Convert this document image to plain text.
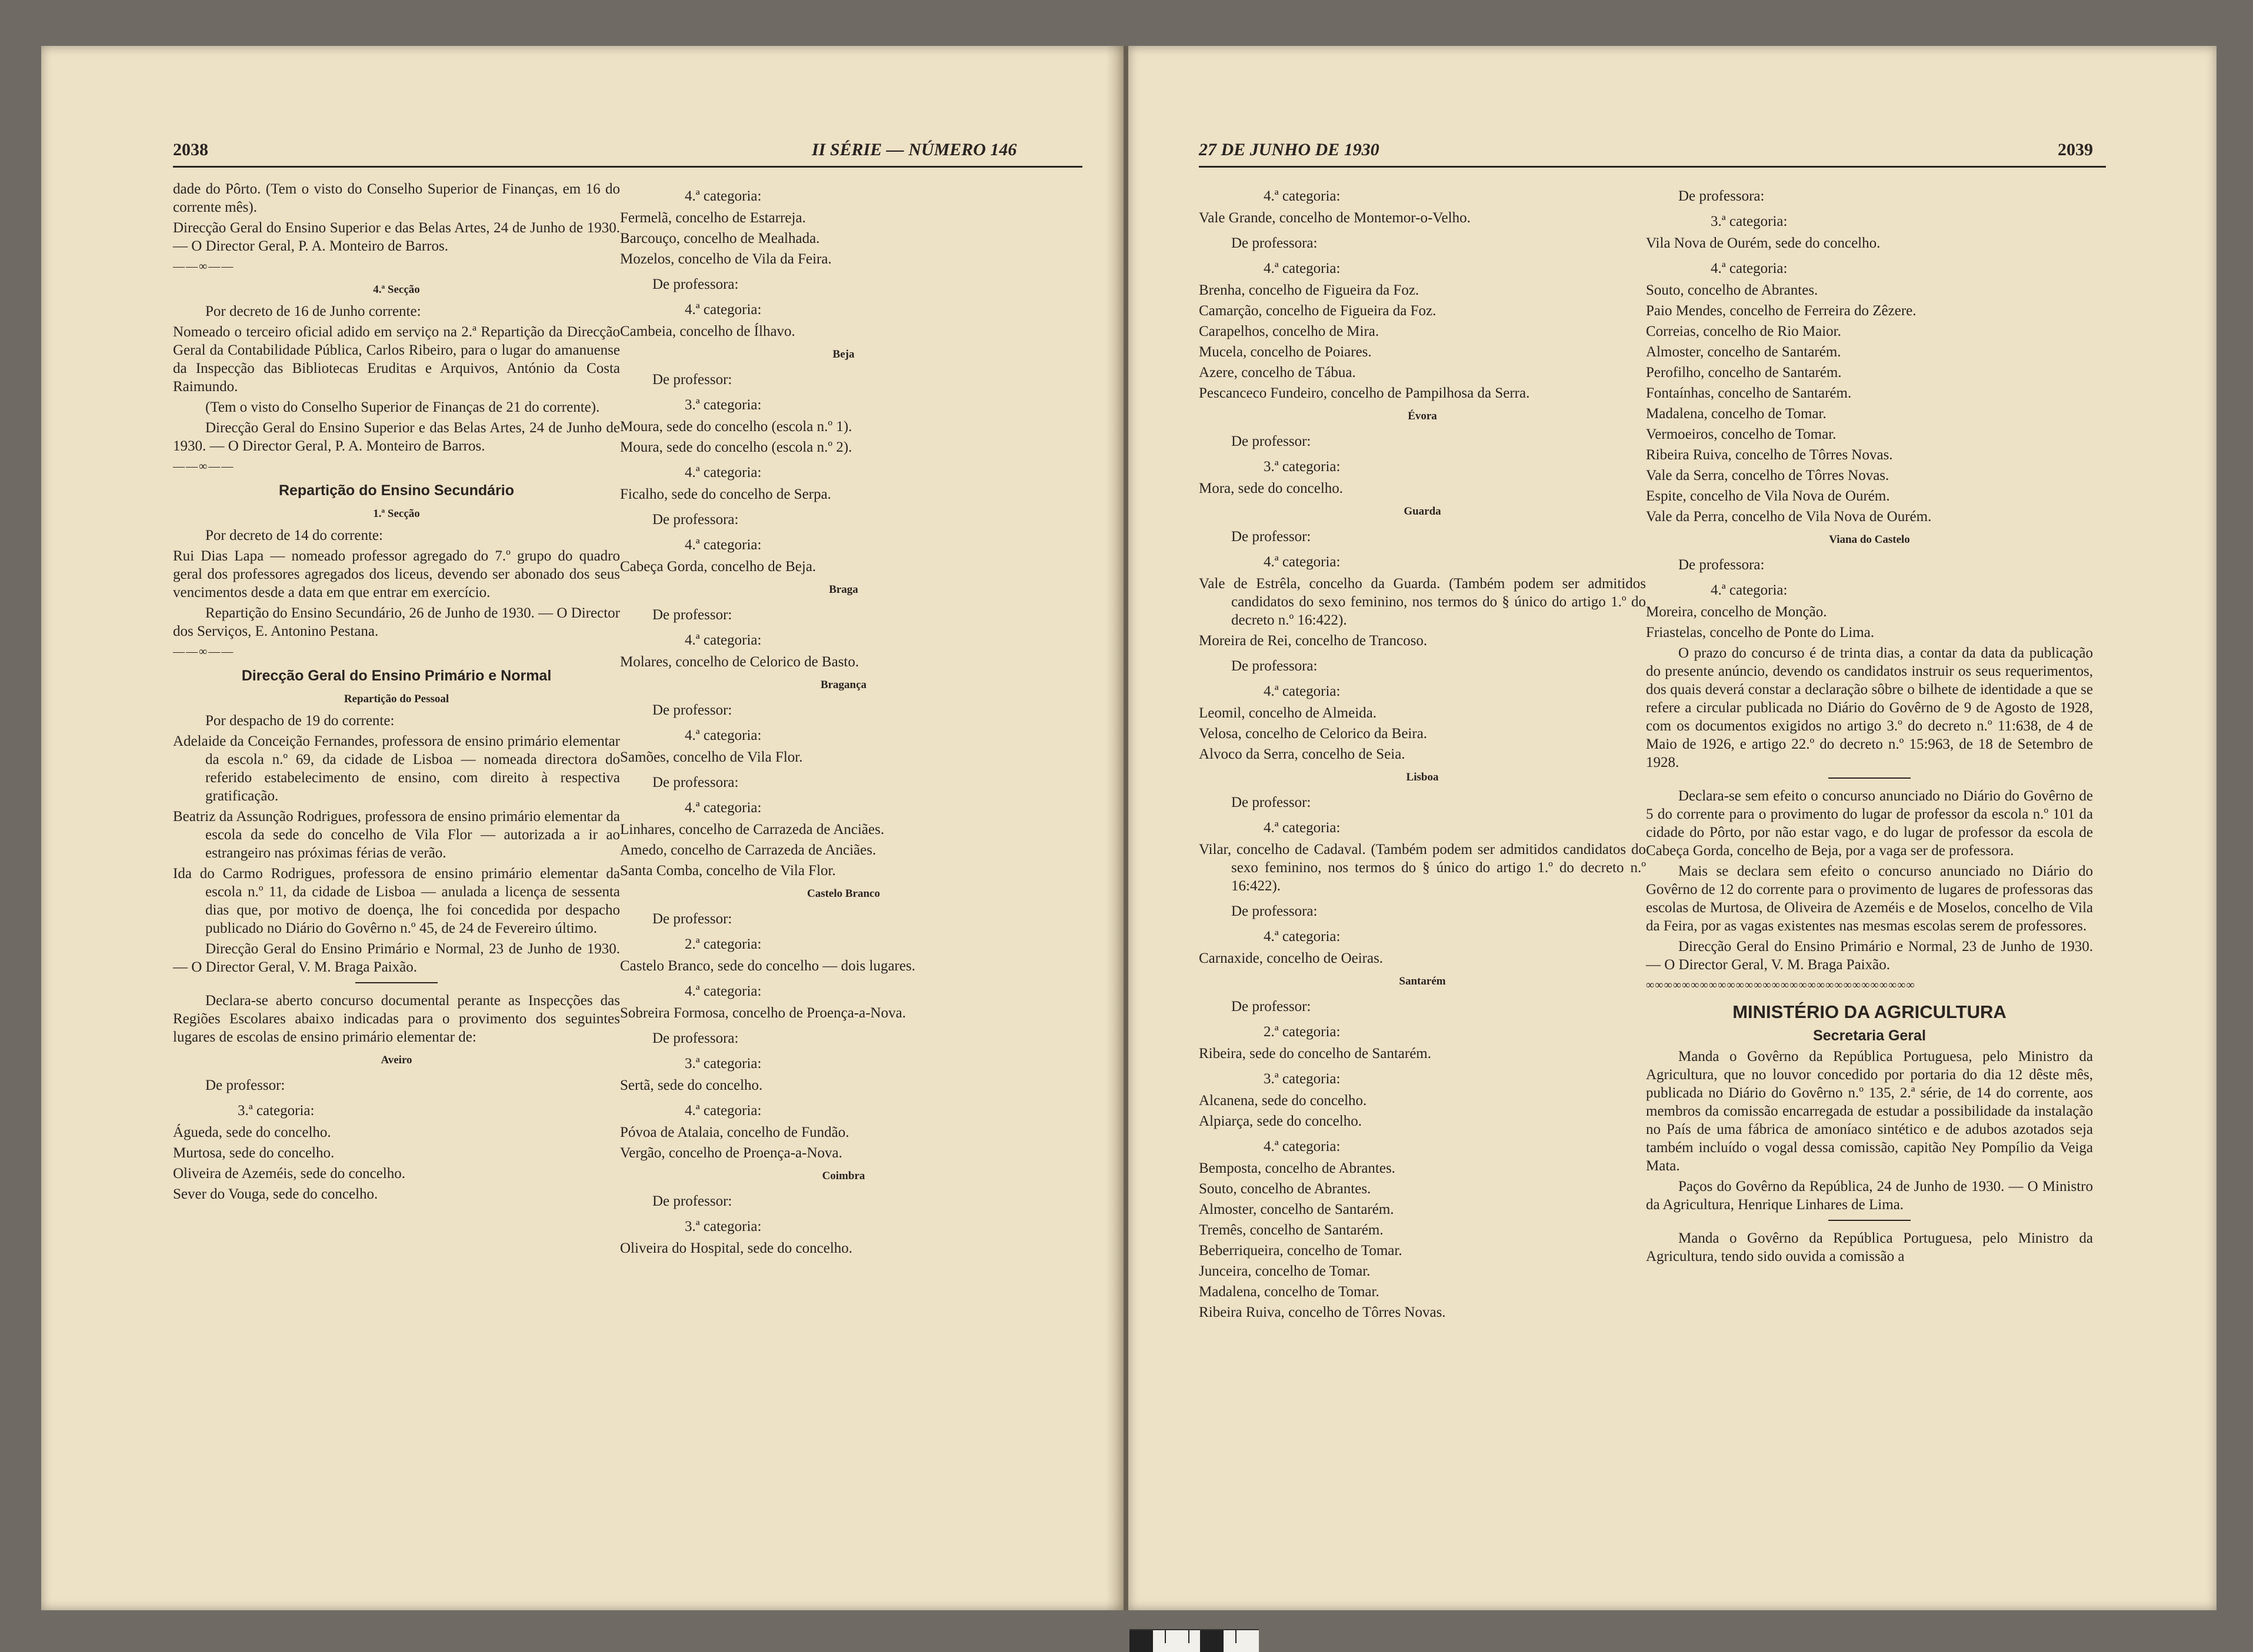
2038	II SÉRIE — NÚMERO 146

dade do Pôrto. (Tem o visto do Conselho Superior de Finanças, em 16 do corrente mês).

Direcção Geral do Ensino Superior e das Belas Artes, 24 de Junho de 1930. — O Director Geral, P. A. Monteiro de Barros.

——∞——

4.ª Secção

Por decreto de 16 de Junho corrente:

Nomeado o terceiro oficial adido em serviço na 2.ª Repartição da Direcção Geral da Contabilidade Pública, Carlos Ribeiro, para o lugar do amanuense da Inspecção das Bibliotecas Eruditas e Arquivos, António da Costa Raimundo.

(Tem o visto do Conselho Superior de Finanças de 21 do corrente).

Direcção Geral do Ensino Superior e das Belas Artes, 24 de Junho de 1930. — O Director Geral, P. A. Monteiro de Barros.

——∞——

Repartição do Ensino Secundário

1.ª Secção

Por decreto de 14 do corrente:

Rui Dias Lapa — nomeado professor agregado do 7.º grupo do quadro geral dos professores agregados dos liceus, devendo ser abonado dos seus vencimentos desde a data em que entrar em exercício.

Repartição do Ensino Secundário, 26 de Junho de 1930. — O Director dos Serviços, E. Antonino Pestana.

——∞——

Direcção Geral do Ensino Primário e Normal

Repartição do Pessoal

Por despacho de 19 do corrente:

Adelaide da Conceição Fernandes, professora de ensino primário elementar da escola n.º 69, da cidade de Lisboa — nomeada directora do referido estabelecimento de ensino, com direito à respectiva gratificação.

Beatriz da Assunção Rodrigues, professora de ensino primário elementar da escola da sede do concelho de Vila Flor — autorizada a ir ao estrangeiro nas próximas férias de verão.

Ida do Carmo Rodrigues, professora de ensino primário elementar da escola n.º 11, da cidade de Lisboa — anulada a licença de sessenta dias que, por motivo de doença, lhe foi concedida por despacho publicado no Diário do Govêrno n.º 45, de 24 de Fevereiro último.

Direcção Geral do Ensino Primário e Normal, 23 de Junho de 1930. — O Director Geral, V. M. Braga Paixão.

Declara-se aberto concurso documental perante as Inspecções das Regiões Escolares abaixo indicadas para o provimento dos seguintes lugares de escolas de ensino primário elementar de:

Aveiro

De professor:

3.ª categoria:

Águeda, sede do concelho.

Murtosa, sede do concelho.

Oliveira de Azeméis, sede do concelho.

Sever do Vouga, sede do concelho.

4.ª categoria:

Fermelã, concelho de Estarreja.

Barcouço, concelho de Mealhada.

Mozelos, concelho de Vila da Feira.

De professora:

4.ª categoria:

Cambeia, concelho de Ílhavo.

Beja

De professor:

3.ª categoria:

Moura, sede do concelho (escola n.º 1).

Moura, sede do concelho (escola n.º 2).

4.ª categoria:

Ficalho, sede do concelho de Serpa.

De professora:

4.ª categoria:

Cabeça Gorda, concelho de Beja.

Braga

De professor:

4.ª categoria:

Molares, concelho de Celorico de Basto.

Bragança

De professor:

4.ª categoria:

Samões, concelho de Vila Flor.

De professora:

4.ª categoria:

Linhares, concelho de Carrazeda de Anciães.

Amedo, concelho de Carrazeda de Anciães.

Santa Comba, concelho de Vila Flor.

Castelo Branco

De professor:

2.ª categoria:

Castelo Branco, sede do concelho — dois lugares.

4.ª categoria:

Sobreira Formosa, concelho de Proença-a-Nova.

De professora:

3.ª categoria:

Sertã, sede do concelho.

4.ª categoria:

Póvoa de Atalaia, concelho de Fundão.

Vergão, concelho de Proença-a-Nova.

Coimbra

De professor:

3.ª categoria:

Oliveira do Hospital, sede do concelho.

27 DE JUNHO DE 1930	2039

4.ª categoria:

Vale Grande, concelho de Montemor-o-Velho.

De professora:

4.ª categoria:

Brenha, concelho de Figueira da Foz.

Camarção, concelho de Figueira da Foz.

Carapelhos, concelho de Mira.

Mucela, concelho de Poiares.

Azere, concelho de Tábua.

Pescanceco Fundeiro, concelho de Pampilhosa da Serra.

Évora

De professor:

3.ª categoria:

Mora, sede do concelho.

Guarda

De professor:

4.ª categoria:

Vale de Estrêla, concelho da Guarda. (Também podem ser admitidos candidatos do sexo feminino, nos termos do § único do artigo 1.º do decreto n.º 16:422).

Moreira de Rei, concelho de Trancoso.

De professora:

4.ª categoria:

Leomil, concelho de Almeida.

Velosa, concelho de Celorico da Beira.

Alvoco da Serra, concelho de Seia.

Lisboa

De professor:

4.ª categoria:

Vilar, concelho de Cadaval. (Também podem ser admitidos candidatos do sexo feminino, nos termos do § único do artigo 1.º do decreto n.º 16:422).

De professora:

4.ª categoria:

Carnaxide, concelho de Oeiras.

Santarém

De professor:

2.ª categoria:

Ribeira, sede do concelho de Santarém.

3.ª categoria:

Alcanena, sede do concelho.

Alpiarça, sede do concelho.

4.ª categoria:

Bemposta, concelho de Abrantes.

Souto, concelho de Abrantes.

Almoster, concelho de Santarém.

Tremês, concelho de Santarém.

Beberriqueira, concelho de Tomar.

Junceira, concelho de Tomar.

Madalena, concelho de Tomar.

Ribeira Ruiva, concelho de Tôrres Novas.

De professora:

3.ª categoria:

Vila Nova de Ourém, sede do concelho.

4.ª categoria:

Souto, concelho de Abrantes.

Paio Mendes, concelho de Ferreira do Zêzere.

Correias, concelho de Rio Maior.

Almoster, concelho de Santarém.

Perofilho, concelho de Santarém.

Fontaínhas, concelho de Santarém.

Madalena, concelho de Tomar.

Vermoeiros, concelho de Tomar.

Ribeira Ruiva, concelho de Tôrres Novas.

Vale da Serra, concelho de Tôrres Novas.

Espite, concelho de Vila Nova de Ourém.

Vale da Perra, concelho de Vila Nova de Ourém.

Viana do Castelo

De professora:

4.ª categoria:

Moreira, concelho de Monção.

Friastelas, concelho de Ponte do Lima.

O prazo do concurso é de trinta dias, a contar da data da publicação do presente anúncio, devendo os candidatos instruir os seus requerimentos, dos quais deverá constar a declaração sôbre o bilhete de identidade a que se refere a circular publicada no Diário do Govêrno de 9 de Agosto de 1928, com os documentos exigidos no artigo 3.º do decreto n.º 11:638, de 4 de Maio de 1926, e artigo 22.º do decreto n.º 15:963, de 18 de Setembro de 1928.

Declara-se sem efeito o concurso anunciado no Diário do Govêrno de 5 do corrente para o provimento do lugar de professor da escola n.º 101 da cidade do Pôrto, por não estar vago, e do lugar de professor da escola de Cabeça Gorda, concelho de Beja, por a vaga ser de professora.

Mais se declara sem efeito o concurso anunciado no Diário do Govêrno de 12 do corrente para o provimento de lugares de professoras das escolas de Murtosa, de Oliveira de Azeméis e de Moselos, concelho de Vila da Feira, por as vagas existentes nas mesmas escolas serem de professores.

Direcção Geral do Ensino Primário e Normal, 23 de Junho de 1930. — O Director Geral, V. M. Braga Paixão.

∞∞∞∞∞∞∞∞∞∞∞∞∞∞∞∞∞∞∞∞∞∞∞∞∞∞∞∞∞∞

MINISTÉRIO DA AGRICULTURA

Secretaria Geral

Manda o Govêrno da República Portuguesa, pelo Ministro da Agricultura, que no louvor concedido por portaria do dia 12 dêste mês, publicada no Diário do Govêrno n.º 135, 2.ª série, de 14 do corrente, aos membros da comissão encarregada de estudar a possibilidade da instalação no País de uma fábrica de amoníaco sintético e de adubos azotados seja também incluído o vogal dessa comissão, capitão Ney Pompílio da Veiga Mata.

Paços do Govêrno da República, 24 de Junho de 1930. — O Ministro da Agricultura, Henrique Linhares de Lima.

Manda o Govêrno da República Portuguesa, pelo Ministro da Agricultura, tendo sido ouvida a comissão a
